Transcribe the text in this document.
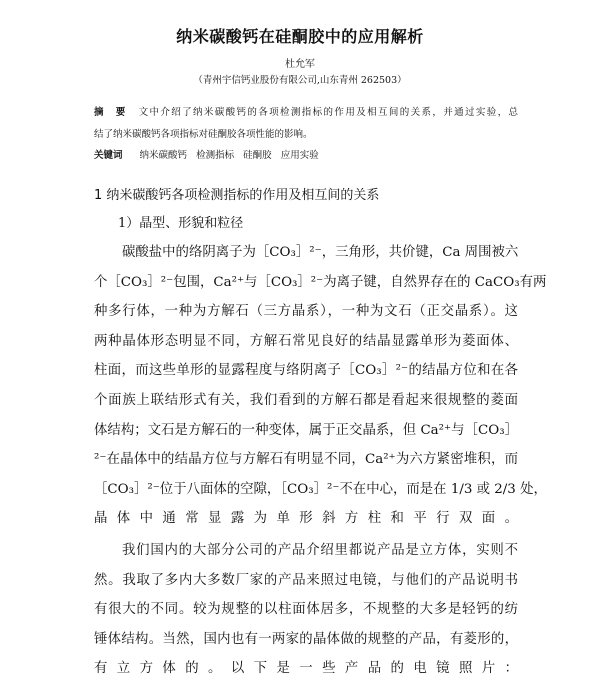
纳米碳酸钙在硅酮胶中的应用解析
杜允军
（青州宇信钙业股份有限公司,山东青州 262503）
摘　要 文中介绍了纳米碳酸钙的各项检测指标的作用及相互间的关系，并通过实验，总
结了纳米碳酸钙各项指标对硅酮胶各项性能的影响。
关键词 纳米碳酸钙 检测指标 硅酮胶 应用实验
1 纳米碳酸钙各项检测指标的作用及相互间的关系
1）晶型、形貌和粒径
碳酸盐中的络阴离子为［CO₃］²⁻，三角形，共价键，Ca 周围被六
个［CO₃］²⁻包围，Ca²⁺与［CO₃］²⁻为离子键，自然界存在的 CaCO₃有两
种多行体，一种为方解石（三方晶系），一种为文石（正交晶系）。这
两种晶体形态明显不同，方解石常见良好的结晶显露单形为菱面体、
柱面，而这些单形的显露程度与络阴离子［CO₃］²⁻的结晶方位和在各
个面族上联结形式有关，我们看到的方解石都是看起来很规整的菱面
体结构；文石是方解石的一种变体，属于正交晶系，但 Ca²⁺与［CO₃］
²⁻在晶体中的结晶方位与方解石有明显不同，Ca²⁺为六方紧密堆积，而
［CO₃］²⁻位于八面体的空隙，［CO₃］²⁻不在中心，而是在 1/3 或 2/3 处，
晶体中通常显露为单形斜方柱和平行双面。
我们国内的大部分公司的产品介绍里都说产品是立方体，实则不
然。我取了多内大多数厂家的产品来照过电镜，与他们的产品说明书
有很大的不同。较为规整的以柱面体居多，不规整的大多是轻钙的纺
锤体结构。当然，国内也有一两家的晶体做的规整的产品，有菱形的，
有立方体的。以下是一些产品的电镜照片：
